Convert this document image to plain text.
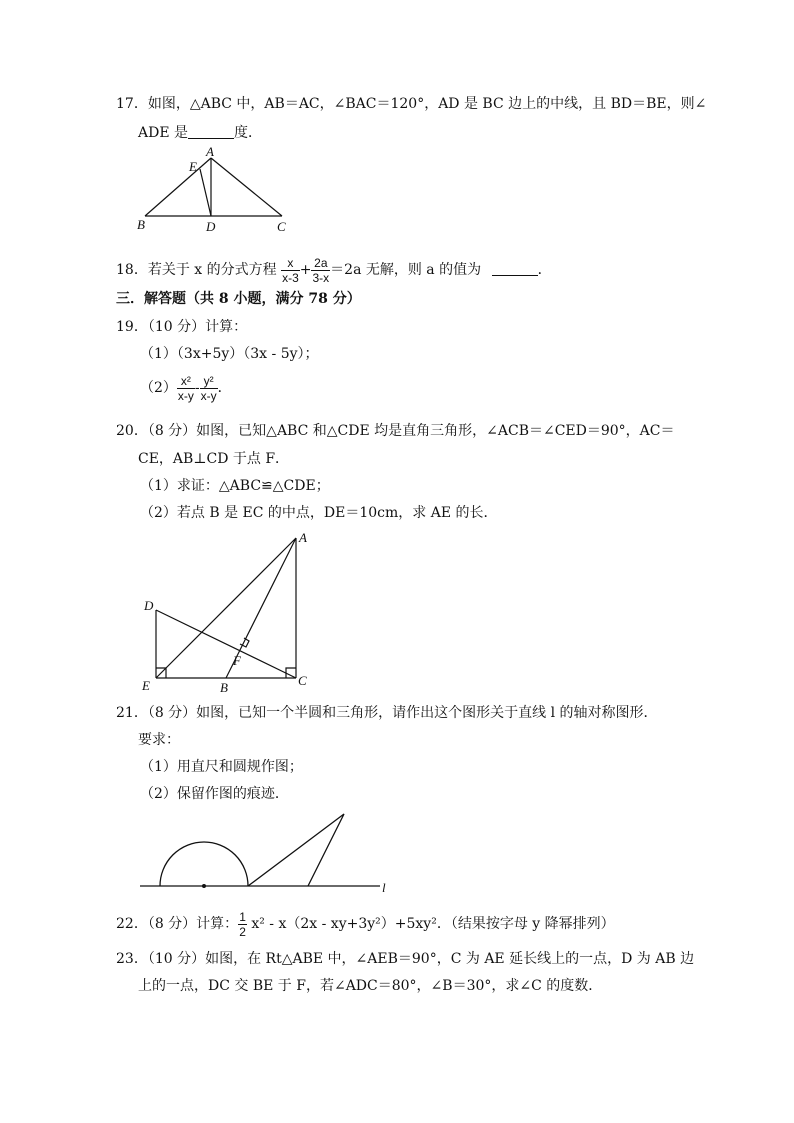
17．如图，△ABC 中，AB＝AC，∠BAC＝120°，AD 是 BC 边上的中线，且 BD＝BE，则∠
ADE 是	度．
A
E
B	D	C
18．若关于 x 的分式方程 $\frac{x}{x-3} + \frac{2a}{3-x} =2a$ 无解，则 a 的值为	．
三．解答题（共 8 小题，满分 78 分）
19．（10 分）计算：
（1）（3x+5y）（3x - 5y）；
$(2) \frac{\text{x²}}{x-y} - \frac{\text{y²}}{x-y}$ ．
20．（8 分）如图，已知△ABC 和△CDE 均是直角三角形，∠ACB＝∠CED＝90°，AC＝
CE，AB⊥CD 于点 F．
（1）求证：△ABC≌△CDE；
（2）若点 B 是 EC 的中点，DE＝10cm，求 AE 的长．
A
D
E	B
F
C
21．（8 分）如图，已知一个半圆和三角形，请作出这个图形关于直线 l 的轴对称图形．
要求：
（1）用直尺和圆规作图；
（2）保留作图的痕迹．
l
22．（8 分）计算： $\frac{1}{2} x^2 - x(2x - xy+3y^2)+5xy^2$．（结果按字母 y 降幂排列）
23．（10 分）如图，在 Rt△ABE 中，∠AEB＝90°，C 为 AE 延长线上的一点，D 为 AB 边
上的一点，DC 交 BE 于 F，若∠ADC＝80°，∠B＝30°，求∠C 的度数．
